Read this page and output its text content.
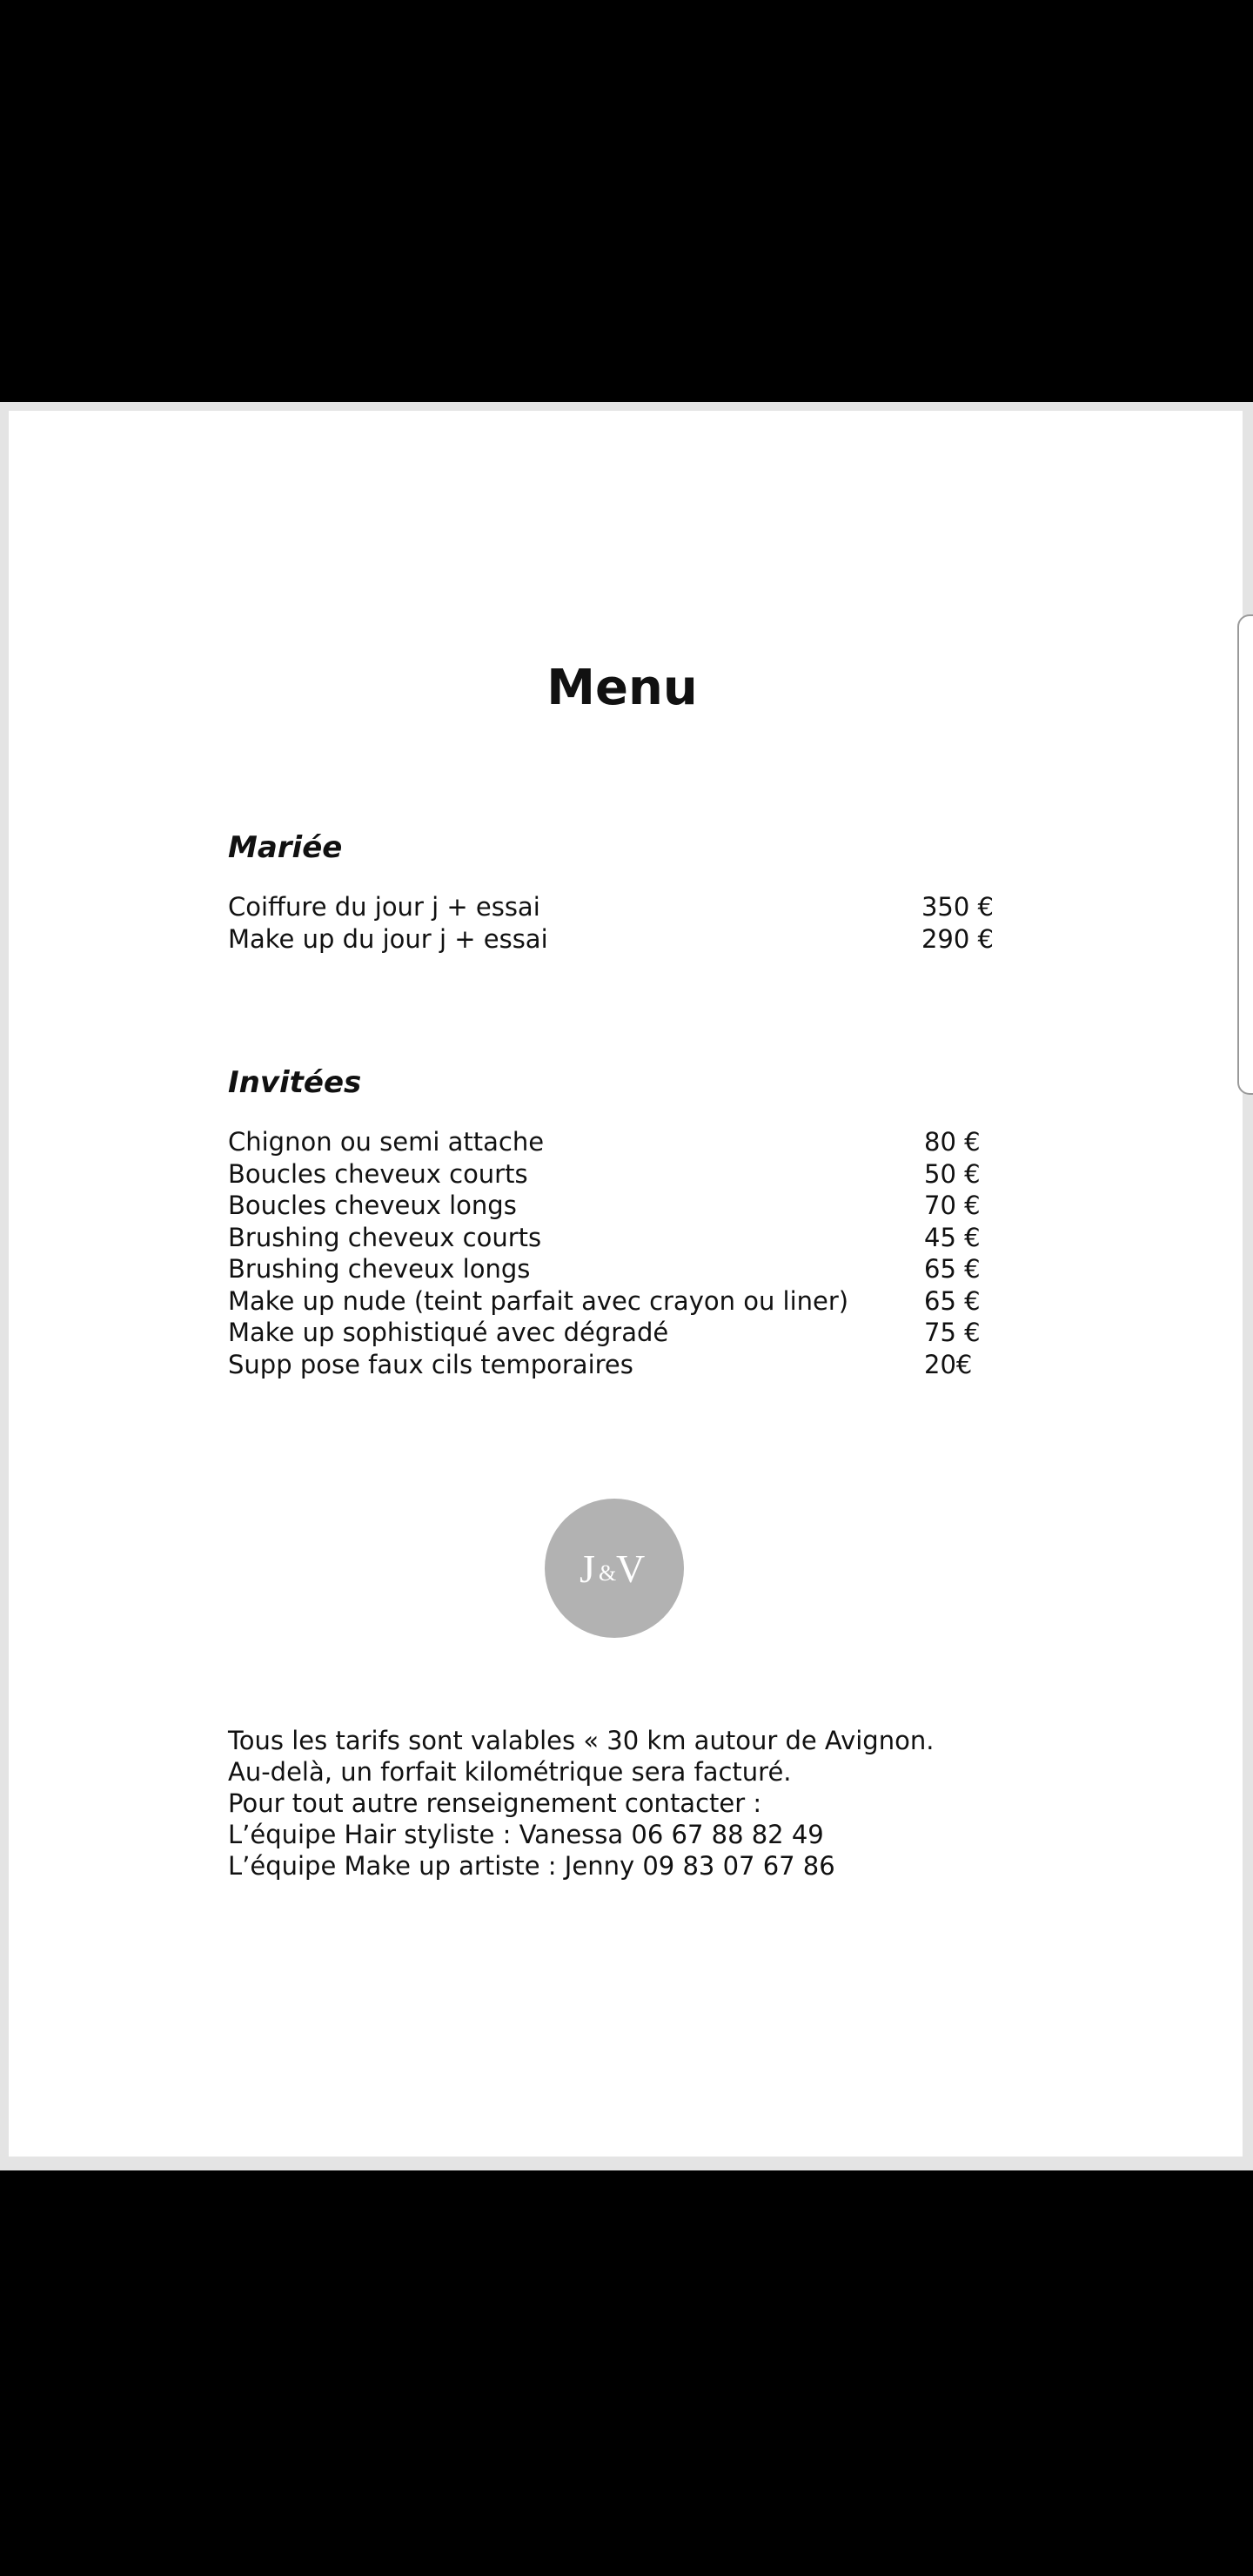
Menu
Mariée
Coiffure du jour j + essai	350 €
Make up du jour j + essai	290 €
Invitées
Chignon ou semi attache	80 €
Boucles cheveux courts	50 €
Boucles cheveux longs	70 €
Brushing cheveux courts	45 €
Brushing cheveux longs	65 €
Make up nude (teint parfait avec crayon ou liner)	65 €
Make up sophistiqué avec dégradé	75 €
Supp pose faux cils temporaires	20€
J & V
Tous les tarifs sont valables « 30 km autour de Avignon.
Au-delà, un forfait kilométrique sera facturé.
Pour tout autre renseignement contacter :
L’équipe Hair styliste : Vanessa 06 67 88 82 49
L’équipe Make up artiste : Jenny 09 83 07 67 86
